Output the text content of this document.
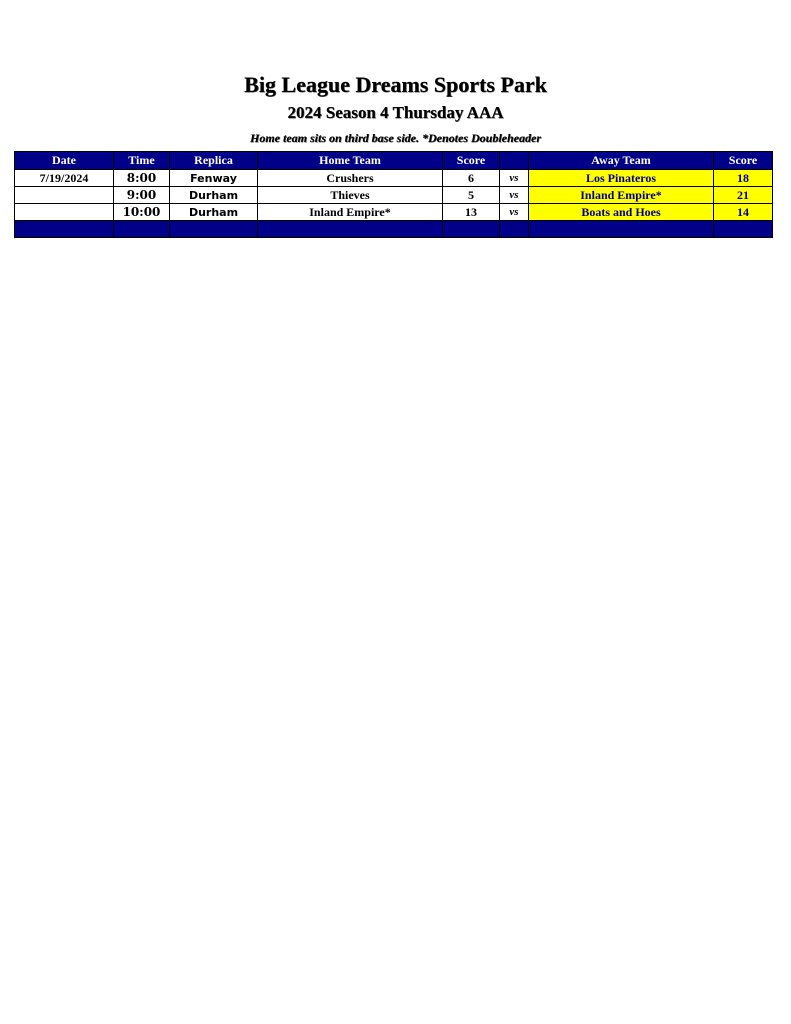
Big League Dreams Sports Park
2024 Season 4 Thursday AAA
Home team sits on third base side. *Denotes Doubleheader
Date	Time	Replica	Home Team	Score		Away Team	Score
7/19/2024	8:00	Fenway	Crushers	6	vs	Los Pinateros	18
	9:00	Durham	Thieves	5	vs	Inland Empire*	21
	10:00	Durham	Inland Empire*	13	vs	Boats and Hoes	14
